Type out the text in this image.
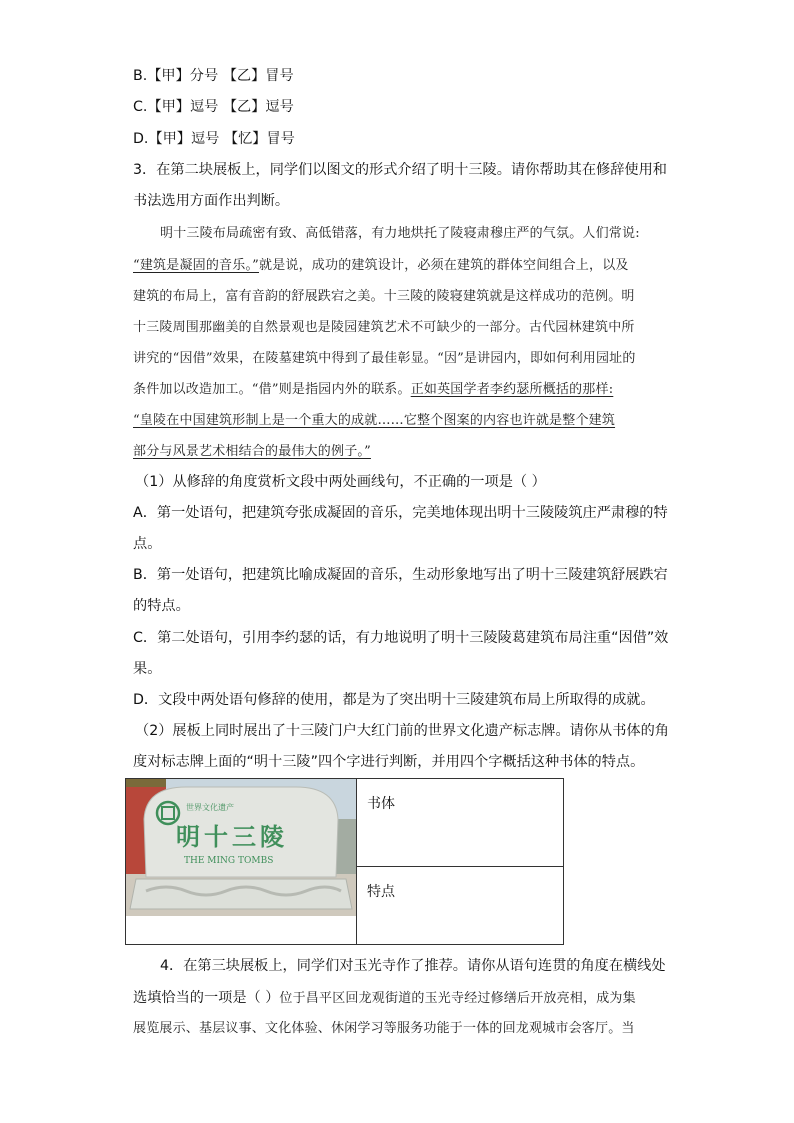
B.【甲】分号 【乙】冒号
C.【甲】逗号 【乙】逗号
D.【甲】逗号 【忆】冒号
3．在第二块展板上，同学们以图文的形式介绍了明十三陵。请你帮助其在修辞使用和
书法选用方面作出判断。
明十三陵布局疏密有致、高低错落，有力地烘托了陵寝肃穆庄严的气氛。人们常说:
“建筑是凝固的音乐。”就是说，成功的建筑设计，必须在建筑的群体空间组合上，以及
建筑的布局上，富有音韵的舒展跌宕之美。十三陵的陵寝建筑就是这样成功的范例。明
十三陵周围那幽美的自然景观也是陵园建筑艺术不可缺少的一部分。古代园林建筑中所
讲究的“因借”效果，在陵墓建筑中得到了最佳彰显。“因”是讲园内，即如何利用园址的
条件加以改造加工。“借”则是指园内外的联系。正如英国学者李约瑟所概括的那样:
“皇陵在中国建筑形制上是一个重大的成就……它整个图案的内容也许就是整个建筑
部分与风景艺术相结合的最伟大的例子。”
（1）从修辞的角度赏析文段中两处画线句，不正确的一项是（ ）
A．第一处语句，把建筑夸张成凝固的音乐，完美地体现出明十三陵陵筑庄严肃穆的特
点。
B．第一处语句，把建筑比喻成凝固的音乐，生动形象地写出了明十三陵建筑舒展跌宕
的特点。
C．第二处语句，引用李约瑟的话，有力地说明了明十三陵陵葛建筑布局注重“因借”效
果。
D．文段中两处语句修辞的使用，都是为了突出明十三陵建筑布局上所取得的成就。
（2）展板上同时展出了十三陵门户大红门前的世界文化遗产标志牌。请你从书体的角
度对标志牌上面的“明十三陵”四个字进行判断，并用四个字概括这种书体的特点。
世界文化遗产
明十三陵
THE MING TOMBS
	书体
特点
4．在第三块展板上，同学们对玉光寺作了推荐。请你从语句连贯的角度在横线处
选填恰当的一项是（ ）位于昌平区回龙观街道的玉光寺经过修缮后开放亮相，成为集
展览展示、基层议事、文化体验、休闲学习等服务功能于一体的回龙观城市会客厅。当
